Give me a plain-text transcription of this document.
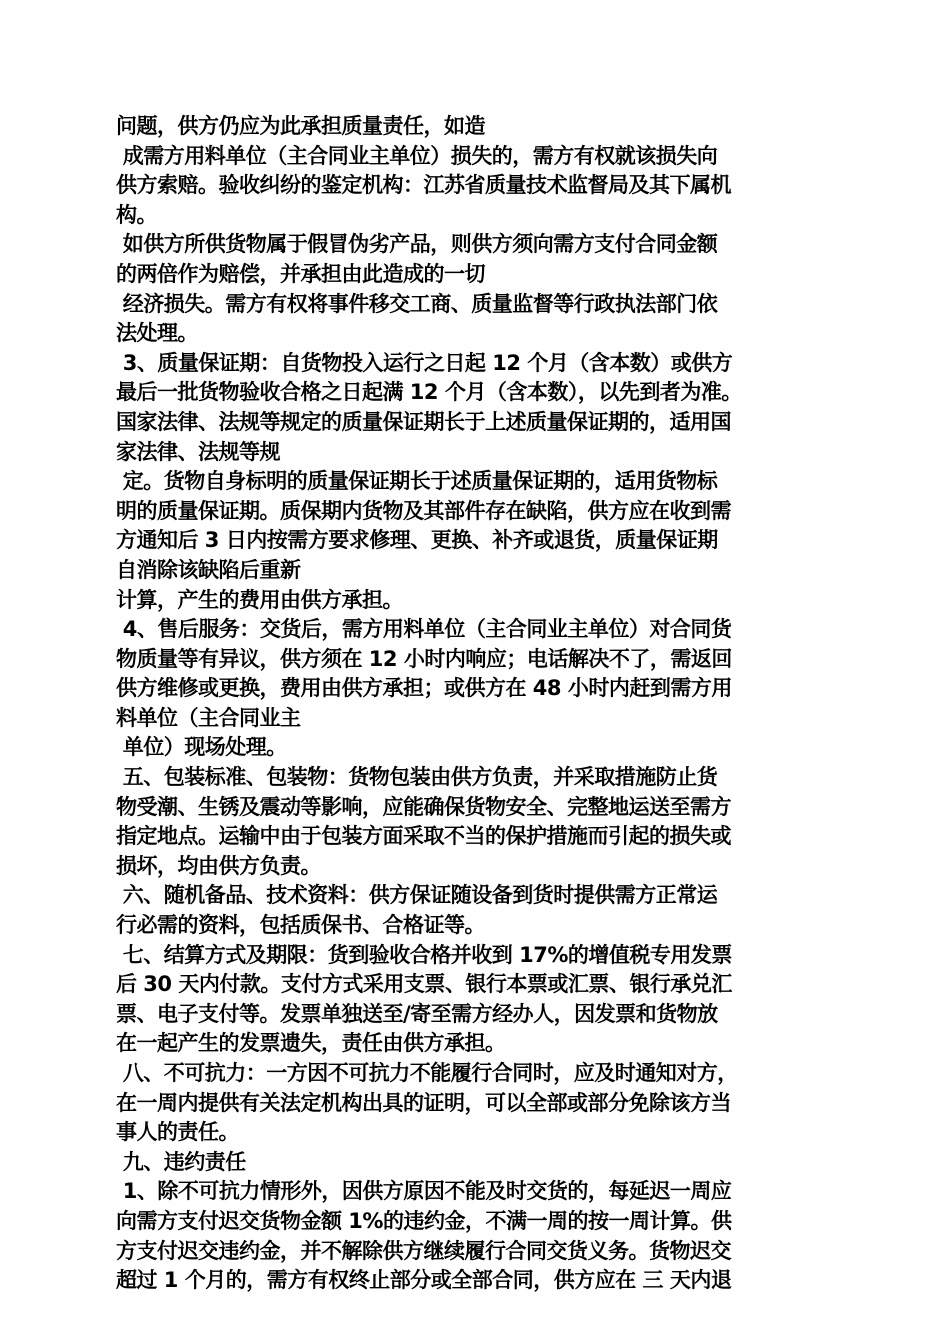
问题，供方仍应为此承担质量责任，如造
成需方用料单位（主合同业主单位）损失的，需方有权就该损失向
供方索赔。验收纠纷的鉴定机构：江苏省质量技术监督局及其下属机
构。
如供方所供货物属于假冒伪劣产品，则供方须向需方支付合同金额
的两倍作为赔偿，并承担由此造成的一切
经济损失。需方有权将事件移交工商、质量监督等行政执法部门依
法处理。
3、质量保证期：自货物投入运行之日起 12 个月（含本数）或供方
最后一批货物验收合格之日起满 12 个月（含本数），以先到者为准。
国家法律、法规等规定的质量保证期长于上述质量保证期的，适用国
家法律、法规等规
定。货物自身标明的质量保证期长于述质量保证期的，适用货物标
明的质量保证期。质保期内货物及其部件存在缺陷，供方应在收到需
方通知后 3 日内按需方要求修理、更换、补齐或退货，质量保证期
自消除该缺陷后重新
计算，产生的费用由供方承担。
4、售后服务：交货后，需方用料单位（主合同业主单位）对合同货
物质量等有异议，供方须在 12 小时内响应；电话解决不了，需返回
供方维修或更换，费用由供方承担；或供方在 48 小时内赶到需方用
料单位（主合同业主
单位）现场处理。
五、包装标准、包装物：货物包装由供方负责，并采取措施防止货
物受潮、生锈及震动等影响，应能确保货物安全、完整地运送至需方
指定地点。运输中由于包装方面采取不当的保护措施而引起的损失或
损坏，均由供方负责。
六、随机备品、技术资料：供方保证随设备到货时提供需方正常运
行必需的资料，包括质保书、合格证等。
七、结算方式及期限：货到验收合格并收到 17%的增值税专用发票
后 30 天内付款。支付方式采用支票、银行本票或汇票、银行承兑汇
票、电子支付等。发票单独送至/寄至需方经办人，因发票和货物放
在一起产生的发票遗失，责任由供方承担。
八、不可抗力：一方因不可抗力不能履行合同时，应及时通知对方，
在一周内提供有关法定机构出具的证明，可以全部或部分免除该方当
事人的责任。
九、违约责任
1、除不可抗力情形外，因供方原因不能及时交货的，每延迟一周应
向需方支付迟交货物金额 1%的违约金，不满一周的按一周计算。供
方支付迟交违约金，并不解除供方继续履行合同交货义务。货物迟交
超过 1 个月的，需方有权终止部分或全部合同，供方应在 三 天内退
